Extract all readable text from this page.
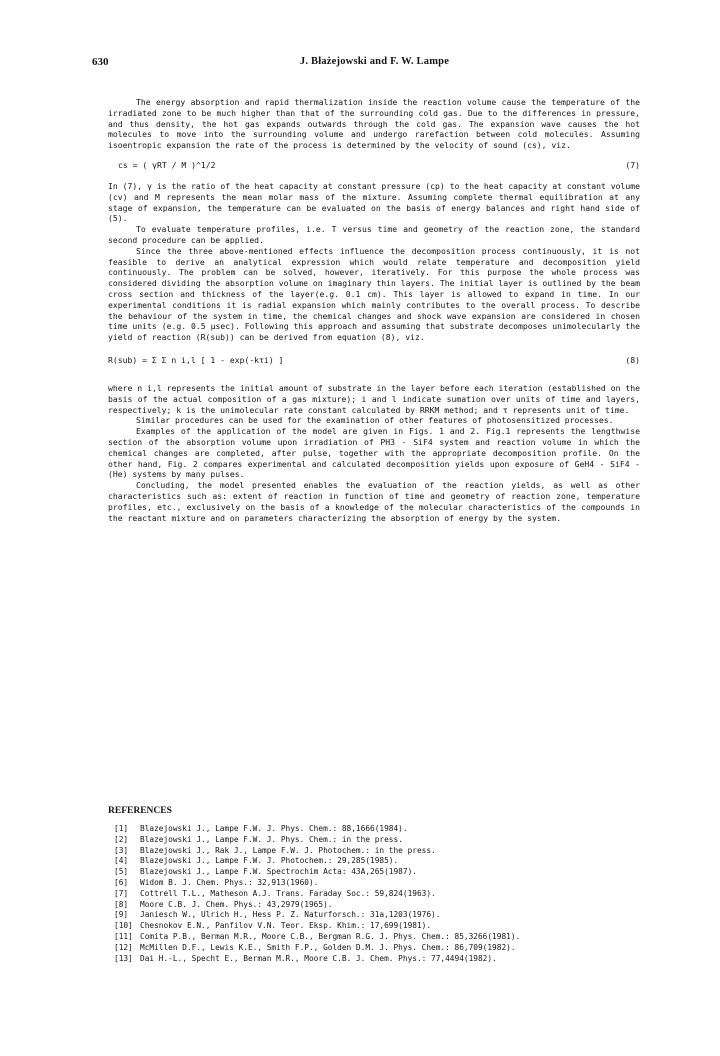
630	J. Błażejowski and F. W. Lampe

The energy absorption and rapid thermalization inside the reaction volume cause the temperature of the irradiated zone to be much higher than that of the surrounding cold gas. Due to the differences in pressure, and thus density, the hot gas expands outwards through the cold gas. The expansion wave causes the hot molecules to move into the surrounding volume and undergo rarefaction between cold molecules. Assuming isoentropic expansion the rate of the process is determined by the velocity of sound (cs), viz.

cs = ( γRT / M )^1/2	(7)

In (7), γ is the ratio of the heat capacity at constant pressure (cp) to the heat capacity at constant volume (cv) and M represents the mean molar mass of the mixture. Assuming complete thermal equilibration at any stage of expansion, the temperature can be evaluated on the basis of energy balances and right hand side of (5).

To evaluate temperature profiles, i.e. T versus time and geometry of the reaction zone, the standard second procedure can be applied.

Since the three above-mentioned effects influence the decomposition process continuously, it is not feasible to derive an analytical expression which would relate temperature and decomposition yield continuously. The problem can be solved, however, iteratively. For this purpose the whole process was considered dividing the absorption volume on imaginary thin layers. The initial layer is outlined by the beam cross section and thickness of the layer(e.g. 0.1 cm). This layer is allowed to expand in time. In our experimental conditions it is radial expansion which mainly contributes to the overall process. To describe the behaviour of the system in time, the chemical changes and shock wave expansion are considered in chosen time units (e.g. 0.5 μsec). Following this approach and assuming that substrate decomposes unimolecularly the yield of reaction (R(sub)) can be derived from equation (8), viz.

R(sub) = Σ Σ n i,l [ 1 - exp(-kτi) ]	(8)

where n i,l represents the initial amount of substrate in the layer before each iteration (established on the basis of the actual composition of a gas mixture); i and l indicate sumation over units of time and layers, respectively; k is the unimolecular rate constant calculated by RRKM method; and τ represents unit of time.

Similar procedures can be used for the examination of other features of photosensitized processes.

Examples of the application of the model are given in Figs. 1 and 2. Fig.1 represents the lengthwise section of the absorption volume upon irradiation of PH3 - SiF4 system and reaction volume in which the chemical changes are completed, after pulse, together with the appropriate decomposition profile. On the other hand, Fig. 2 compares experimental and calculated decomposition yields upon exposure of GeH4 - SiF4 - (He) systems by many pulses.

Concluding, the model presented enables the evaluation of the reaction yields, as well as other characteristics such as: extent of reaction in function of time and geometry of reaction zone, temperature profiles, etc., exclusively on the basis of a knowledge of the molecular characteristics of the compounds in the reactant mixture and on parameters characterizing the absorption of energy by the system.

REFERENCES
[1] Blazejowski J., Lampe F.W. J. Phys. Chem.: 88,1666(1984).
[2] Blazejowski J., Lampe F.W. J. Phys. Chem.: in the press.
[3] Blazejowski J., Rak J., Lampe F.W. J. Photochem.: in the press.
[4] Blazejowski J., Lampe F.W. J. Photochem.: 29,285(1985).
[5] Blazejowski J., Lampe F.W. Spectrochim Acta: 43A,265(1987).
[6] Widom B. J. Chem. Phys.: 32,913(1960).
[7] Cottrell T.L., Matheson A.J. Trans. Faraday Soc.: 59,824(1963).
[8] Moore C.B. J. Chem. Phys.: 43,2979(1965).
[9] Janiesch W., Ulrich H., Hess P. Z. Naturforsch.: 31a,1203(1976).
[10] Chesnokov E.N., Panfilov V.N. Teor. Eksp. Khim.: 17,699(1981).
[11] Comita P.B., Berman M.R., Moore C.B., Bergman R.G. J. Phys. Chem.: 85,3266(1981).
[12] McMillen D.F., Lewis K.E., Smith F.P., Golden D.M. J. Phys. Chem.: 86,709(1982).
[13] Dai H.-L., Specht E., Berman M.R., Moore C.B. J. Chem. Phys.: 77,4494(1982).
